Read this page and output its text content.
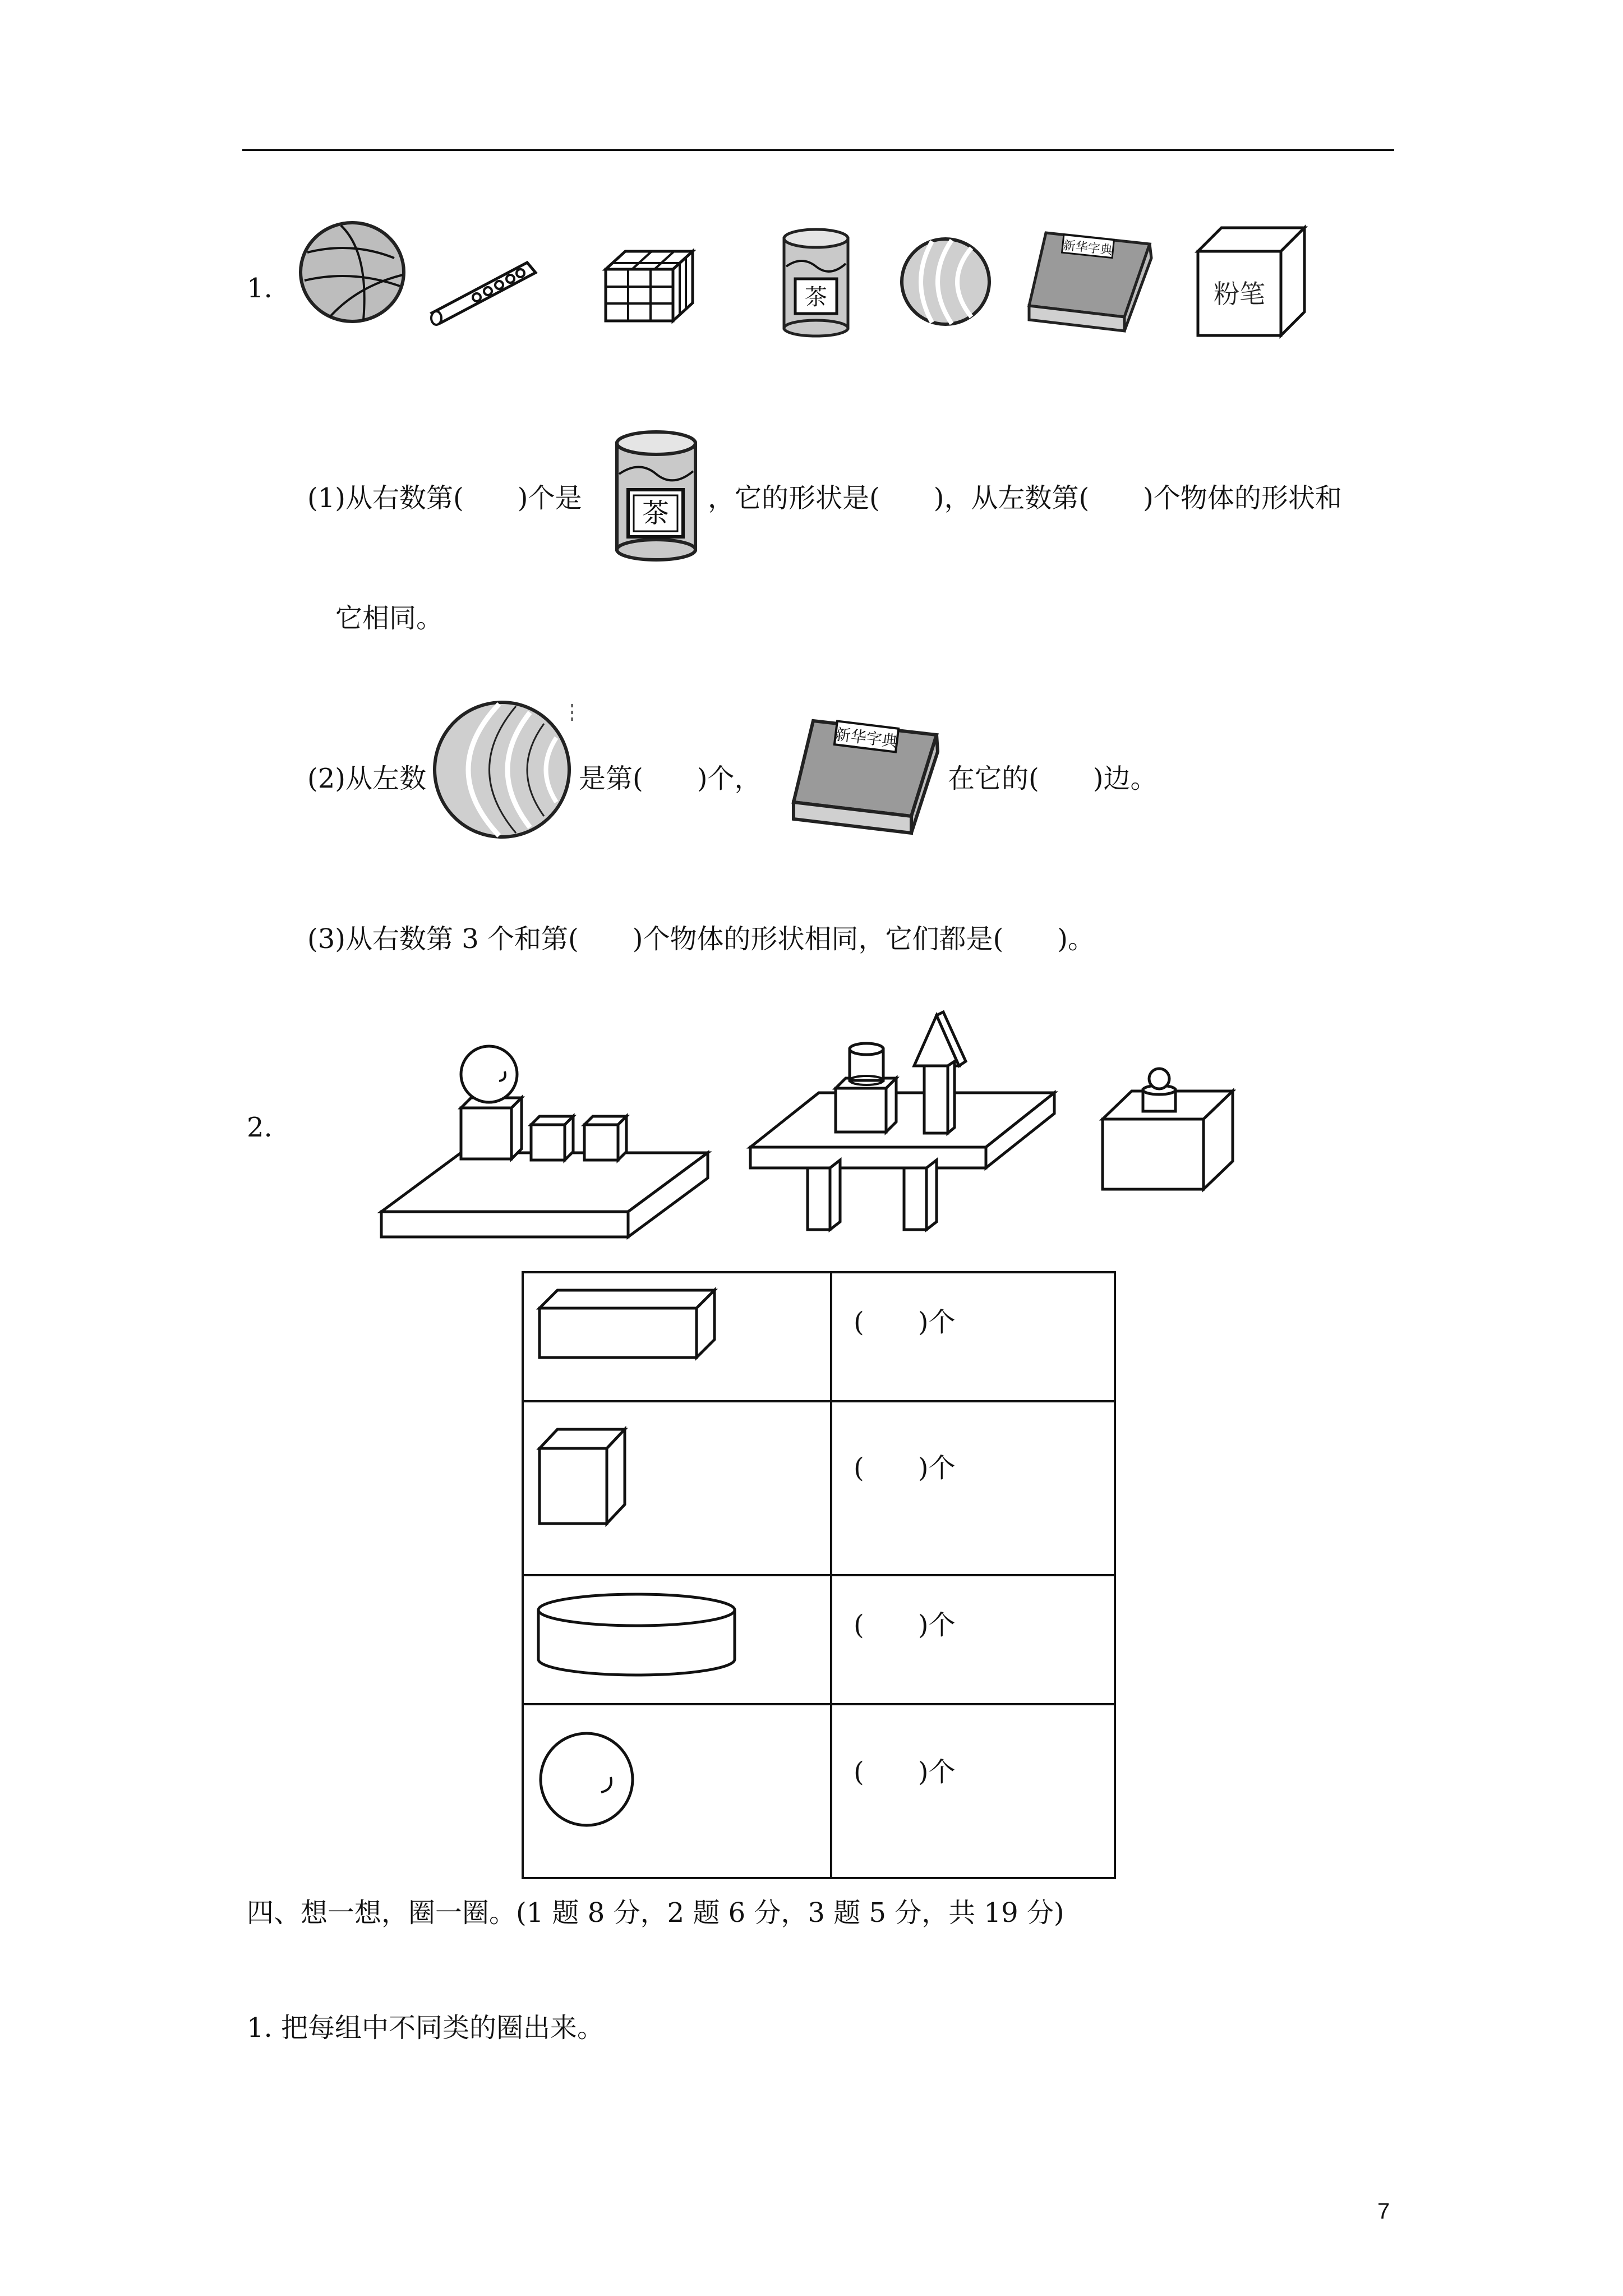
1.	茶
新华字典
粉笔
(1)从右数第(　　)个是 茶 ，它的形状是(　　)，从左数第(　　)个物体的形状和
它相同。
(2)从左数	是第(　　)个，
新华字典
在它的(　　)边。
(3)从右数第 3 个和第(　　)个物体的形状相同，它们都是(　　)。
2.

(　　)个

(　　)个

(　　)个

(　　)个
四、想一想，圈一圈。(1 题 8 分，2 题 6 分，3 题 5 分，共 19 分)
1. 把每组中不同类的圈出来。
7
